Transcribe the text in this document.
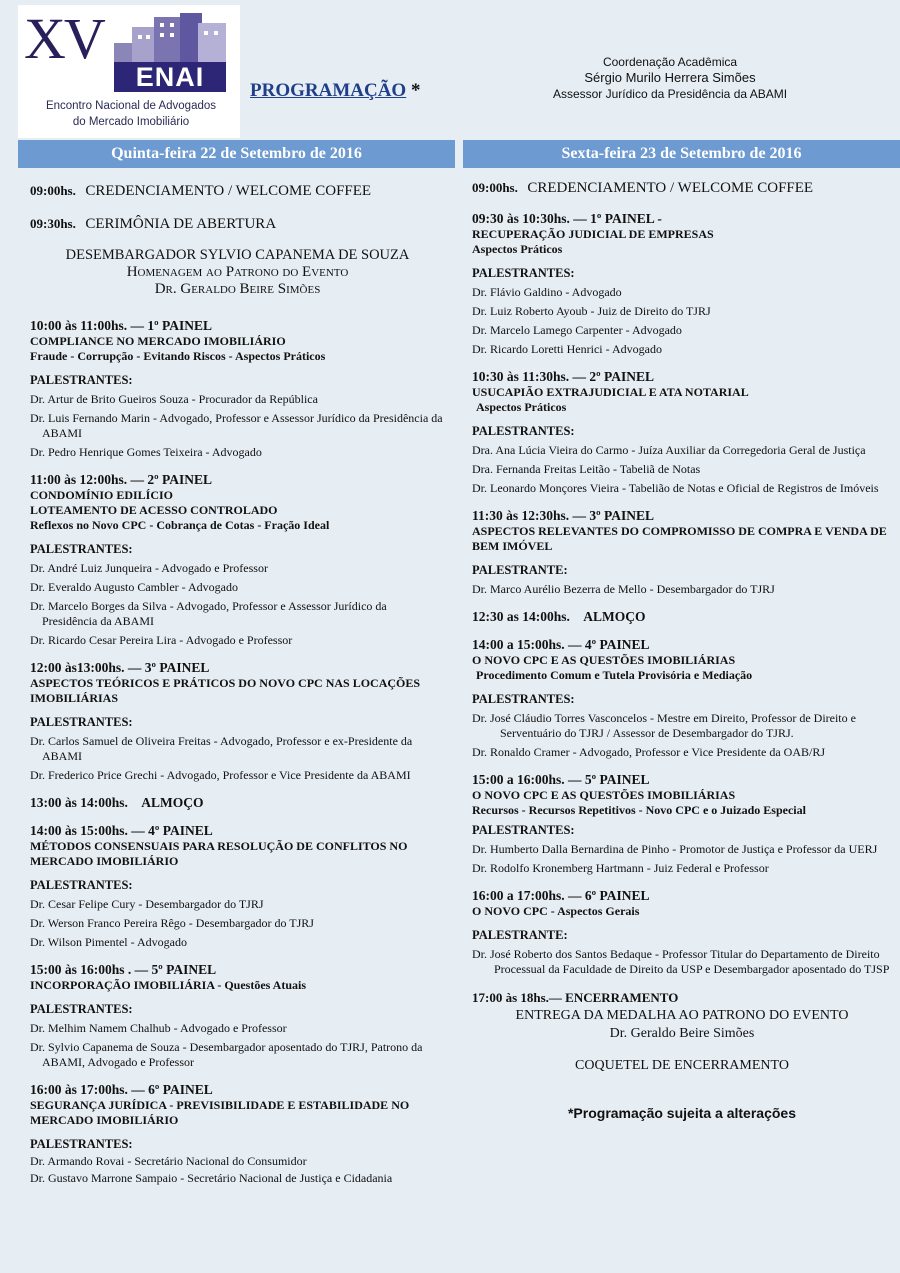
XV
ENAI
Encontro Nacional de Advogados
do Mercado Imobiliário
PROGRAMAÇÃO *
Coordenação Acadêmica
Sérgio Murilo Herrera Simões
Assessor Jurídico da Presidência da ABAMI
Quinta-feira 22 de Setembro de 2016	Sexta-feira 23 de Setembro de 2016
09:00hs. CREDENCIAMENTO / WELCOME COFFEE
09:30hs. CERIMÔNIA DE ABERTURA
DESEMBARGADOR SYLVIO CAPANEMA DE SOUZA
Homenagem ao Patrono do Evento
Dr. Geraldo Beire Simões
10:00 às 11:00hs. — 1º PAINEL
COMPLIANCE NO MERCADO IMOBILIÁRIO
Fraude - Corrupção - Evitando Riscos - Aspectos Práticos
PALESTRANTES:
Dr. Artur de Brito Gueiros Souza - Procurador da República
Dr. Luis Fernando Marin - Advogado, Professor e Assessor Jurídico da Presidência da ABAMI
Dr. Pedro Henrique Gomes Teixeira - Advogado
11:00 às 12:00hs. — 2º PAINEL
CONDOMÍNIO EDILÍCIO
LOTEAMENTO DE ACESSO CONTROLADO
Reflexos no Novo CPC - Cobrança de Cotas - Fração Ideal
PALESTRANTES:
Dr. André Luiz Junqueira - Advogado e Professor
Dr. Everaldo Augusto Cambler - Advogado
Dr. Marcelo Borges da Silva - Advogado, Professor e Assessor Jurídico da Presidência da ABAMI
Dr. Ricardo Cesar Pereira Lira - Advogado e Professor
12:00 às13:00hs. — 3º PAINEL
ASPECTOS TEÓRICOS E PRÁTICOS DO NOVO CPC NAS LOCAÇÕES IMOBILIÁRIAS
PALESTRANTES:
Dr. Carlos Samuel de Oliveira Freitas - Advogado, Professor e ex-Presidente da ABAMI
Dr. Frederico Price Grechi - Advogado, Professor e Vice Presidente da ABAMI
13:00 às 14:00hs. ALMOÇO
14:00 às 15:00hs. — 4º PAINEL
MÉTODOS CONSENSUAIS PARA RESOLUÇÃO DE CONFLITOS NO MERCADO IMOBILIÁRIO
PALESTRANTES:
Dr. Cesar Felipe Cury - Desembargador do TJRJ
Dr. Werson Franco Pereira Rêgo - Desembargador do TJRJ
Dr. Wilson Pimentel - Advogado
15:00 às 16:00hs . — 5º PAINEL
INCORPORAÇÃO IMOBILIÁRIA - Questões Atuais
PALESTRANTES:
Dr. Melhim Namem Chalhub - Advogado e Professor
Dr. Sylvio Capanema de Souza - Desembargador aposentado do TJRJ, Patrono da ABAMI, Advogado e Professor
16:00 às 17:00hs. — 6º PAINEL
SEGURANÇA JURÍDICA - PREVISIBILIDADE E ESTABILIDADE NO MERCADO IMOBILIÁRIO
PALESTRANTES:
Dr. Armando Rovai - Secretário Nacional do Consumidor
Dr. Gustavo Marrone Sampaio - Secretário Nacional de Justiça e Cidadania
09:00hs. CREDENCIAMENTO / WELCOME COFFEE
09:30 às 10:30hs. — 1º PAINEL -
RECUPERAÇÃO JUDICIAL DE EMPRESAS
Aspectos Práticos
PALESTRANTES:
Dr. Flávio Galdino - Advogado
Dr. Luiz Roberto Ayoub - Juiz de Direito do TJRJ
Dr. Marcelo Lamego Carpenter - Advogado
Dr. Ricardo Loretti Henrici - Advogado
10:30 às 11:30hs. — 2º PAINEL
USUCAPIÃO EXTRAJUDICIAL E ATA NOTARIAL
Aspectos Práticos
PALESTRANTES:
Dra. Ana Lúcia Vieira do Carmo - Juíza Auxiliar da Corregedoria Geral de Justiça
Dra. Fernanda Freitas Leitão - Tabeliã de Notas
Dr. Leonardo Monçores Vieira - Tabelião de Notas e Oficial de Registros de Imóveis
11:30 às 12:30hs. — 3º PAINEL
ASPECTOS RELEVANTES DO COMPROMISSO DE COMPRA E VENDA DE BEM IMÓVEL
PALESTRANTE:
Dr. Marco Aurélio Bezerra de Mello - Desembargador do TJRJ
12:30 as 14:00hs. ALMOÇO
14:00 a 15:00hs. — 4º PAINEL
O NOVO CPC E AS QUESTÕES IMOBILIÁRIAS
Procedimento Comum e Tutela Provisória e Mediação
PALESTRANTES:
Dr. José Cláudio Torres Vasconcelos - Mestre em Direito, Professor de Direito e Serventuário do TJRJ / Assessor de Desembargador do TJRJ.
Dr. Ronaldo Cramer - Advogado, Professor e Vice Presidente da OAB/RJ
15:00 a 16:00hs. — 5º PAINEL
O NOVO CPC E AS QUESTÕES IMOBILIÁRIAS
Recursos - Recursos Repetitivos - Novo CPC e o Juizado Especial
PALESTRANTES:
Dr. Humberto Dalla Bernardina de Pinho - Promotor de Justiça e Professor da UERJ
Dr. Rodolfo Kronemberg Hartmann - Juiz Federal e Professor
16:00 a 17:00hs. — 6º PAINEL
O NOVO CPC - Aspectos Gerais
PALESTRANTE:
Dr. José Roberto dos Santos Bedaque - Professor Titular do Departamento de Direito Processual da Faculdade de Direito da USP e Desembargador aposentado do TJSP
17:00 às 18hs.— ENCERRAMENTO
ENTREGA DA MEDALHA AO PATRONO DO EVENTO
Dr. Geraldo Beire Simões
COQUETEL DE ENCERRAMENTO
*Programação sujeita a alterações
